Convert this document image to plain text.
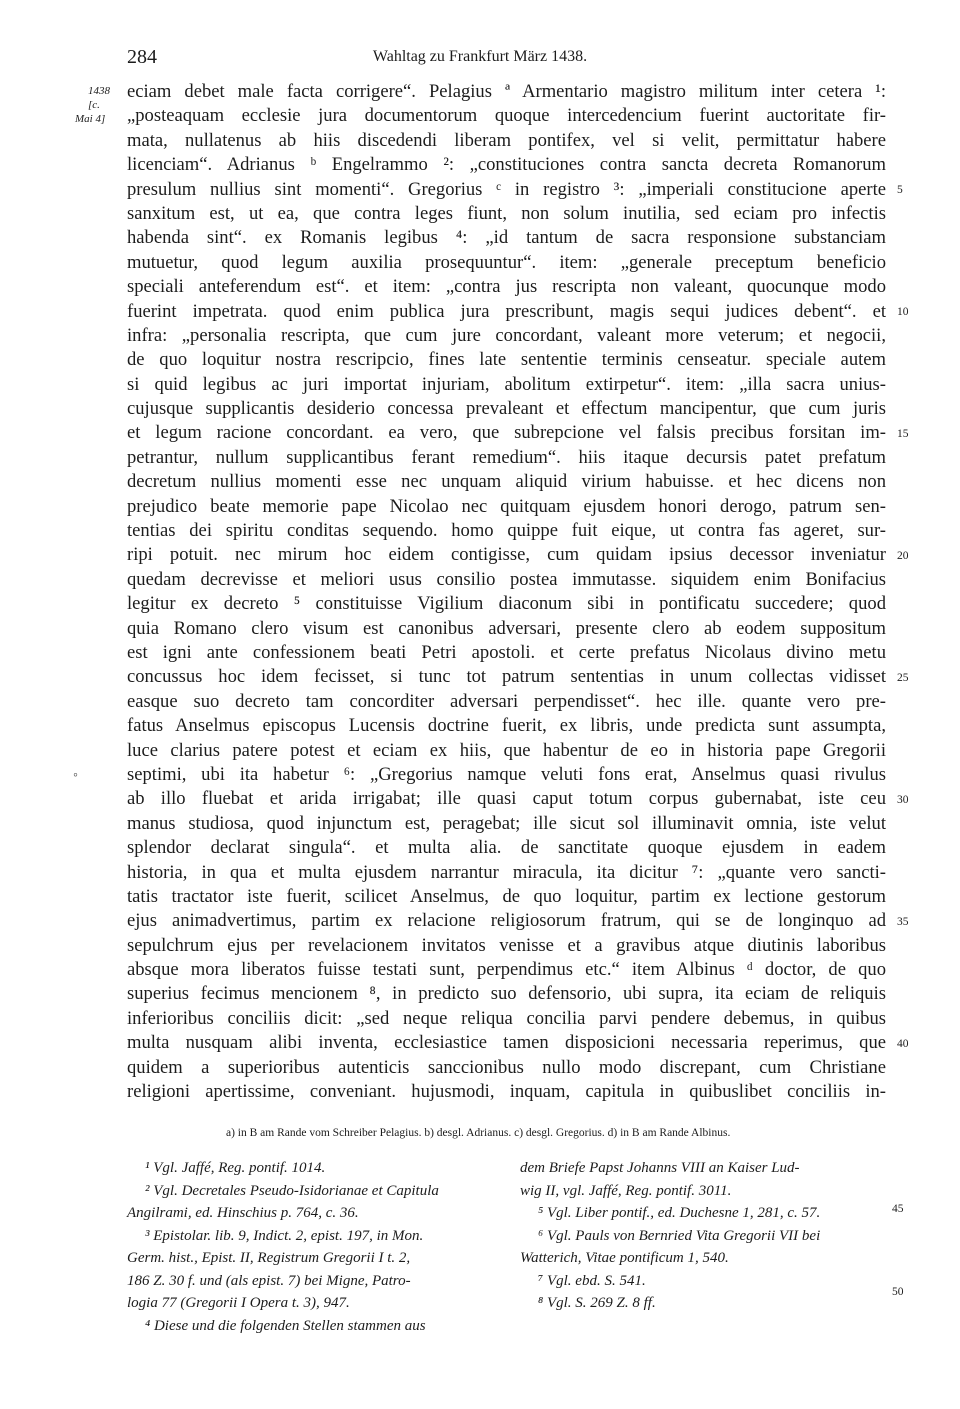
284	Wahltag zu Frankfurt März 1438.
1438
[c.
Mai 4]
eciam debet male facta corrigere“. Pelagius ª Armentario magistro militum inter cetera ¹:
„posteaquam ecclesie jura documentorum quoque intercedencium fuerint auctoritate fir-
mata, nullatenus ab hiis discedendi liberam pontifex, vel si velit, permittatur habere
licenciam“. Adrianus ᵇ Engelrammo ²: „constituciones contra sancta decreta Romanorum
presulum nullius sint momenti“. Gregorius ᶜ in registro ³: „imperiali constitucione aperte
sanxitum est, ut ea, que contra leges fiunt, non solum inutilia, sed eciam pro infectis
habenda sint“. ex Romanis legibus ⁴: „id tantum de sacra responsione substanciam
mutuetur, quod legum auxilia prosequuntur“. item: „generale preceptum beneficio
speciali anteferendum est“. et item: „contra jus rescripta non valeant, quocunque modo
fuerint impetrata. quod enim publica jura prescribunt, magis sequi judices debent“. et
infra: „personalia rescripta, que cum jure concordant, valeant more veterum; et negocii,
de quo loquitur nostra rescripcio, fines late sententie terminis censeatur. speciale autem
si quid legibus ac juri importat injuriam, abolitum extirpetur“. item: „illa sacra unius-
cujusque supplicantis desiderio concessa prevaleant et effectum mancipentur, que cum juris
et legum racione concordant. ea vero, que subrepcione vel falsis precibus forsitan im-
petrantur, nullum supplicantibus ferant remedium“. hiis itaque decursis patet prefatum
decretum nullius momenti esse nec unquam aliquid virium habuisse. et hec dicens non
prejudico beate memorie pape Nicolao nec quitquam ejusdem honori derogo, patrum sen-
tentias dei spiritu conditas sequendo. homo quippe fuit eique, ut contra fas ageret, sur-
ripi potuit. nec mirum hoc eidem contigisse, cum quidam ipsius decessor inveniatur
quedam decrevisse et meliori usus consilio postea immutasse. siquidem enim Bonifacius
legitur ex decreto ⁵ constituisse Vigilium diaconum sibi in pontificatu succedere; quod
quia Romano clero visum est canonibus adversari, presente clero ab eodem suppositum
est igni ante confessionem beati Petri apostoli. et certe prefatus Nicolaus divino metu
concussus hoc idem fecisset, si tunc tot patrum sententias in unum collectas vidisset
easque suo decreto tam concorditer adversari perpendisset“. hec ille. quante vero pre-
fatus Anselmus episcopus Lucensis doctrine fuerit, ex libris, unde predicta sunt assumpta,
luce clarius patere potest et eciam ex hiis, que habentur de eo in historia pape Gregorii
septimi, ubi ita habetur ⁶: „Gregorius namque veluti fons erat, Anselmus quasi rivulus
ab illo fluebat et arida irrigabat; ille quasi caput totum corpus gubernabat, iste ceu
manus studiosa, quod injunctum est, peragebat; ille sicut sol illuminavit omnia, iste velut
splendor declarat singula“. et multa alia. de sanctitate quoque ejusdem in eadem
historia, in qua et multa ejusdem narrantur miracula, ita dicitur ⁷: „quante vero sancti-
tatis tractator iste fuerit, scilicet Anselmus, de quo loquitur, partim ex lectione gestorum
ejus animadvertimus, partim ex relacione religiosorum fratrum, qui se de longinquo ad
sepulchrum ejus per revelacionem invitatos venisse et a gravibus atque diutinis laboribus
absque mora liberatos fuisse testati sunt, perpendimus etc.“ item Albinus ᵈ doctor, de quo
superius fecimus mencionem ⁸, in predicto suo defensorio, ubi supra, ita eciam de reliquis
inferioribus conciliis dicit: „sed neque reliqua concilia parvi pendere debemus, in quibus
multa nusquam alibi inventa, ecclesiastice tamen disposicioni necessaria reperimus, que
quidem a superioribus autenticis sanccionibus nullo modo discrepant, cum Christiane
religioni apertissime, conveniant. hujusmodi, inquam, capitula in quibuslibet conciliis in-
5
10
15
20
25
30
35
40
a) in B am Rande vom Schreiber Pelagius. b) desgl. Adrianus. c) desgl. Gregorius. d) in B am Rande Albinus.
¹ Vgl. Jaffé, Reg. pontif. 1014.
² Vgl. Decretales Pseudo-Isidorianae et Capitula
Angilrami, ed. Hinschius p. 764, c. 36.
³ Epistolar. lib. 9, Indict. 2, epist. 197, in Mon.
Germ. hist., Epist. II, Registrum Gregorii I t. 2,
186 Z. 30 f. und (als epist. 7) bei Migne, Patro-
logia 77 (Gregorii I Opera t. 3), 947.
⁴ Diese und die folgenden Stellen stammen aus
dem Briefe Papst Johanns VIII an Kaiser Lud-
wig II, vgl. Jaffé, Reg. pontif. 3011.
⁵ Vgl. Liber pontif., ed. Duchesne 1, 281, c. 57.
⁶ Vgl. Pauls von Bernried Vita Gregorii VII bei
Watterich, Vitae pontificum 1, 540.
⁷ Vgl. ebd. S. 541.
⁸ Vgl. S. 269 Z. 8 ff.
45
50
◦
